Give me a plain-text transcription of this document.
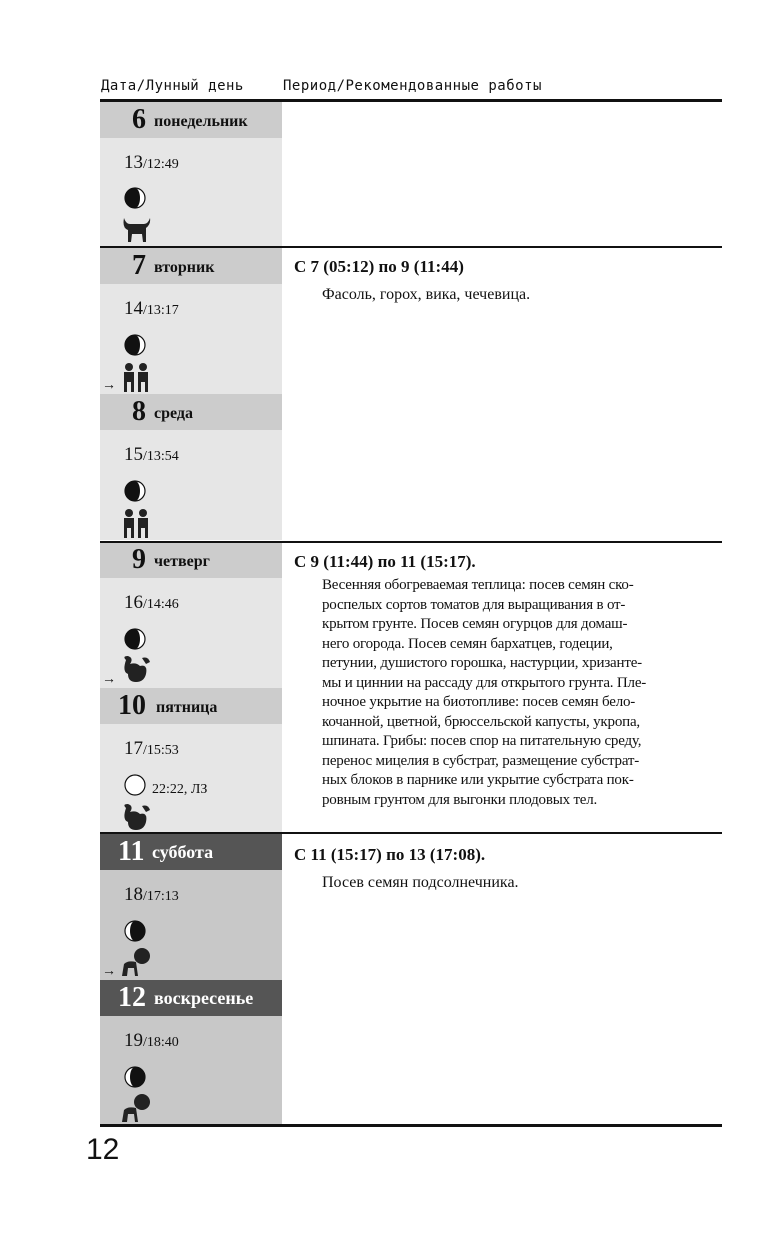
Дата/Лунный день	Период/Рекомендованные работы
6 понедельник
13/12:49
7 вторник
14/13:17
→
8 среда
15/13:54
9 четверг
16/14:46
→
10 пятница
17/15:53
22:22, ЛЗ
11 суббота
18/17:13
→
12 воскресенье
19/18:40
С 7 (05:12) по 9 (11:44)
Фасоль, горох, вика, чечевица.
С 9 (11:44) по 11 (15:17).
Весенняя обогреваемая теплица: посев семян ско-
роспелых сортов томатов для выращивания в от-
крытом грунте. Посев семян огурцов для домаш-
него огорода. Посев семян бархатцев, годеции,
петунии, душистого горошка, настурции, хризанте-
мы и циннии на рассаду для открытого грунта. Пле-
ночное укрытие на биотопливе: посев семян бело-
кочанной, цветной, брюссельской капусты, укропа,
шпината. Грибы: посев спор на питательную среду,
перенос мицелия в субстрат, размещение субстрат-
ных блоков в парнике или укрытие субстрата пок-
ровным грунтом для выгонки плодовых тел.
С 11 (15:17) по 13 (17:08).
Посев семян подсолнечника.
12
